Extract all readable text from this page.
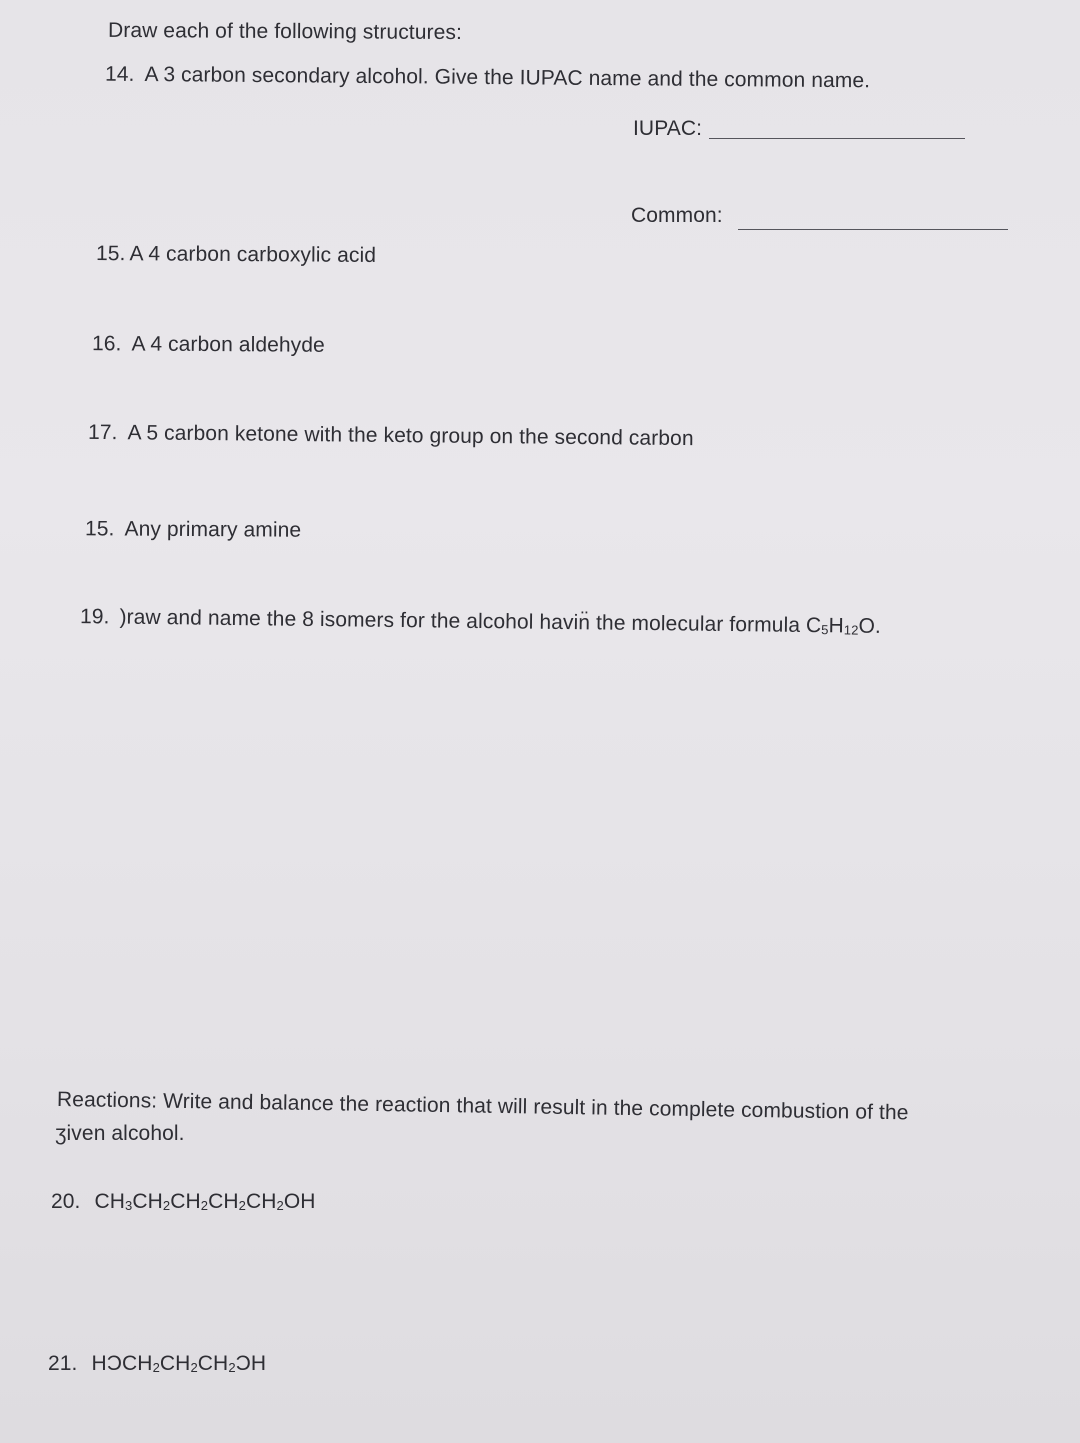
Draw each of the following structures:
14. A 3 carbon secondary alcohol. Give the IUPAC name and the common name.
IUPAC:
Common:
15. A 4 carbon carboxylic acid
16. A 4 carbon aldehyde
17. A 5 carbon ketone with the keto group on the second carbon
15. Any primary amine
19. )raw and name the 8 isomers for the alcohol havin̈ the molecular formula $C_5H_{12}O$.
Reactions: Write and balance the reaction that will result in the complete combustion of the
ʒiven alcohol.
20. $CH_3CH_2CH_2CH_2CH_2OH$
21. $HƆCH_2CH_2CH_2ƆH$
